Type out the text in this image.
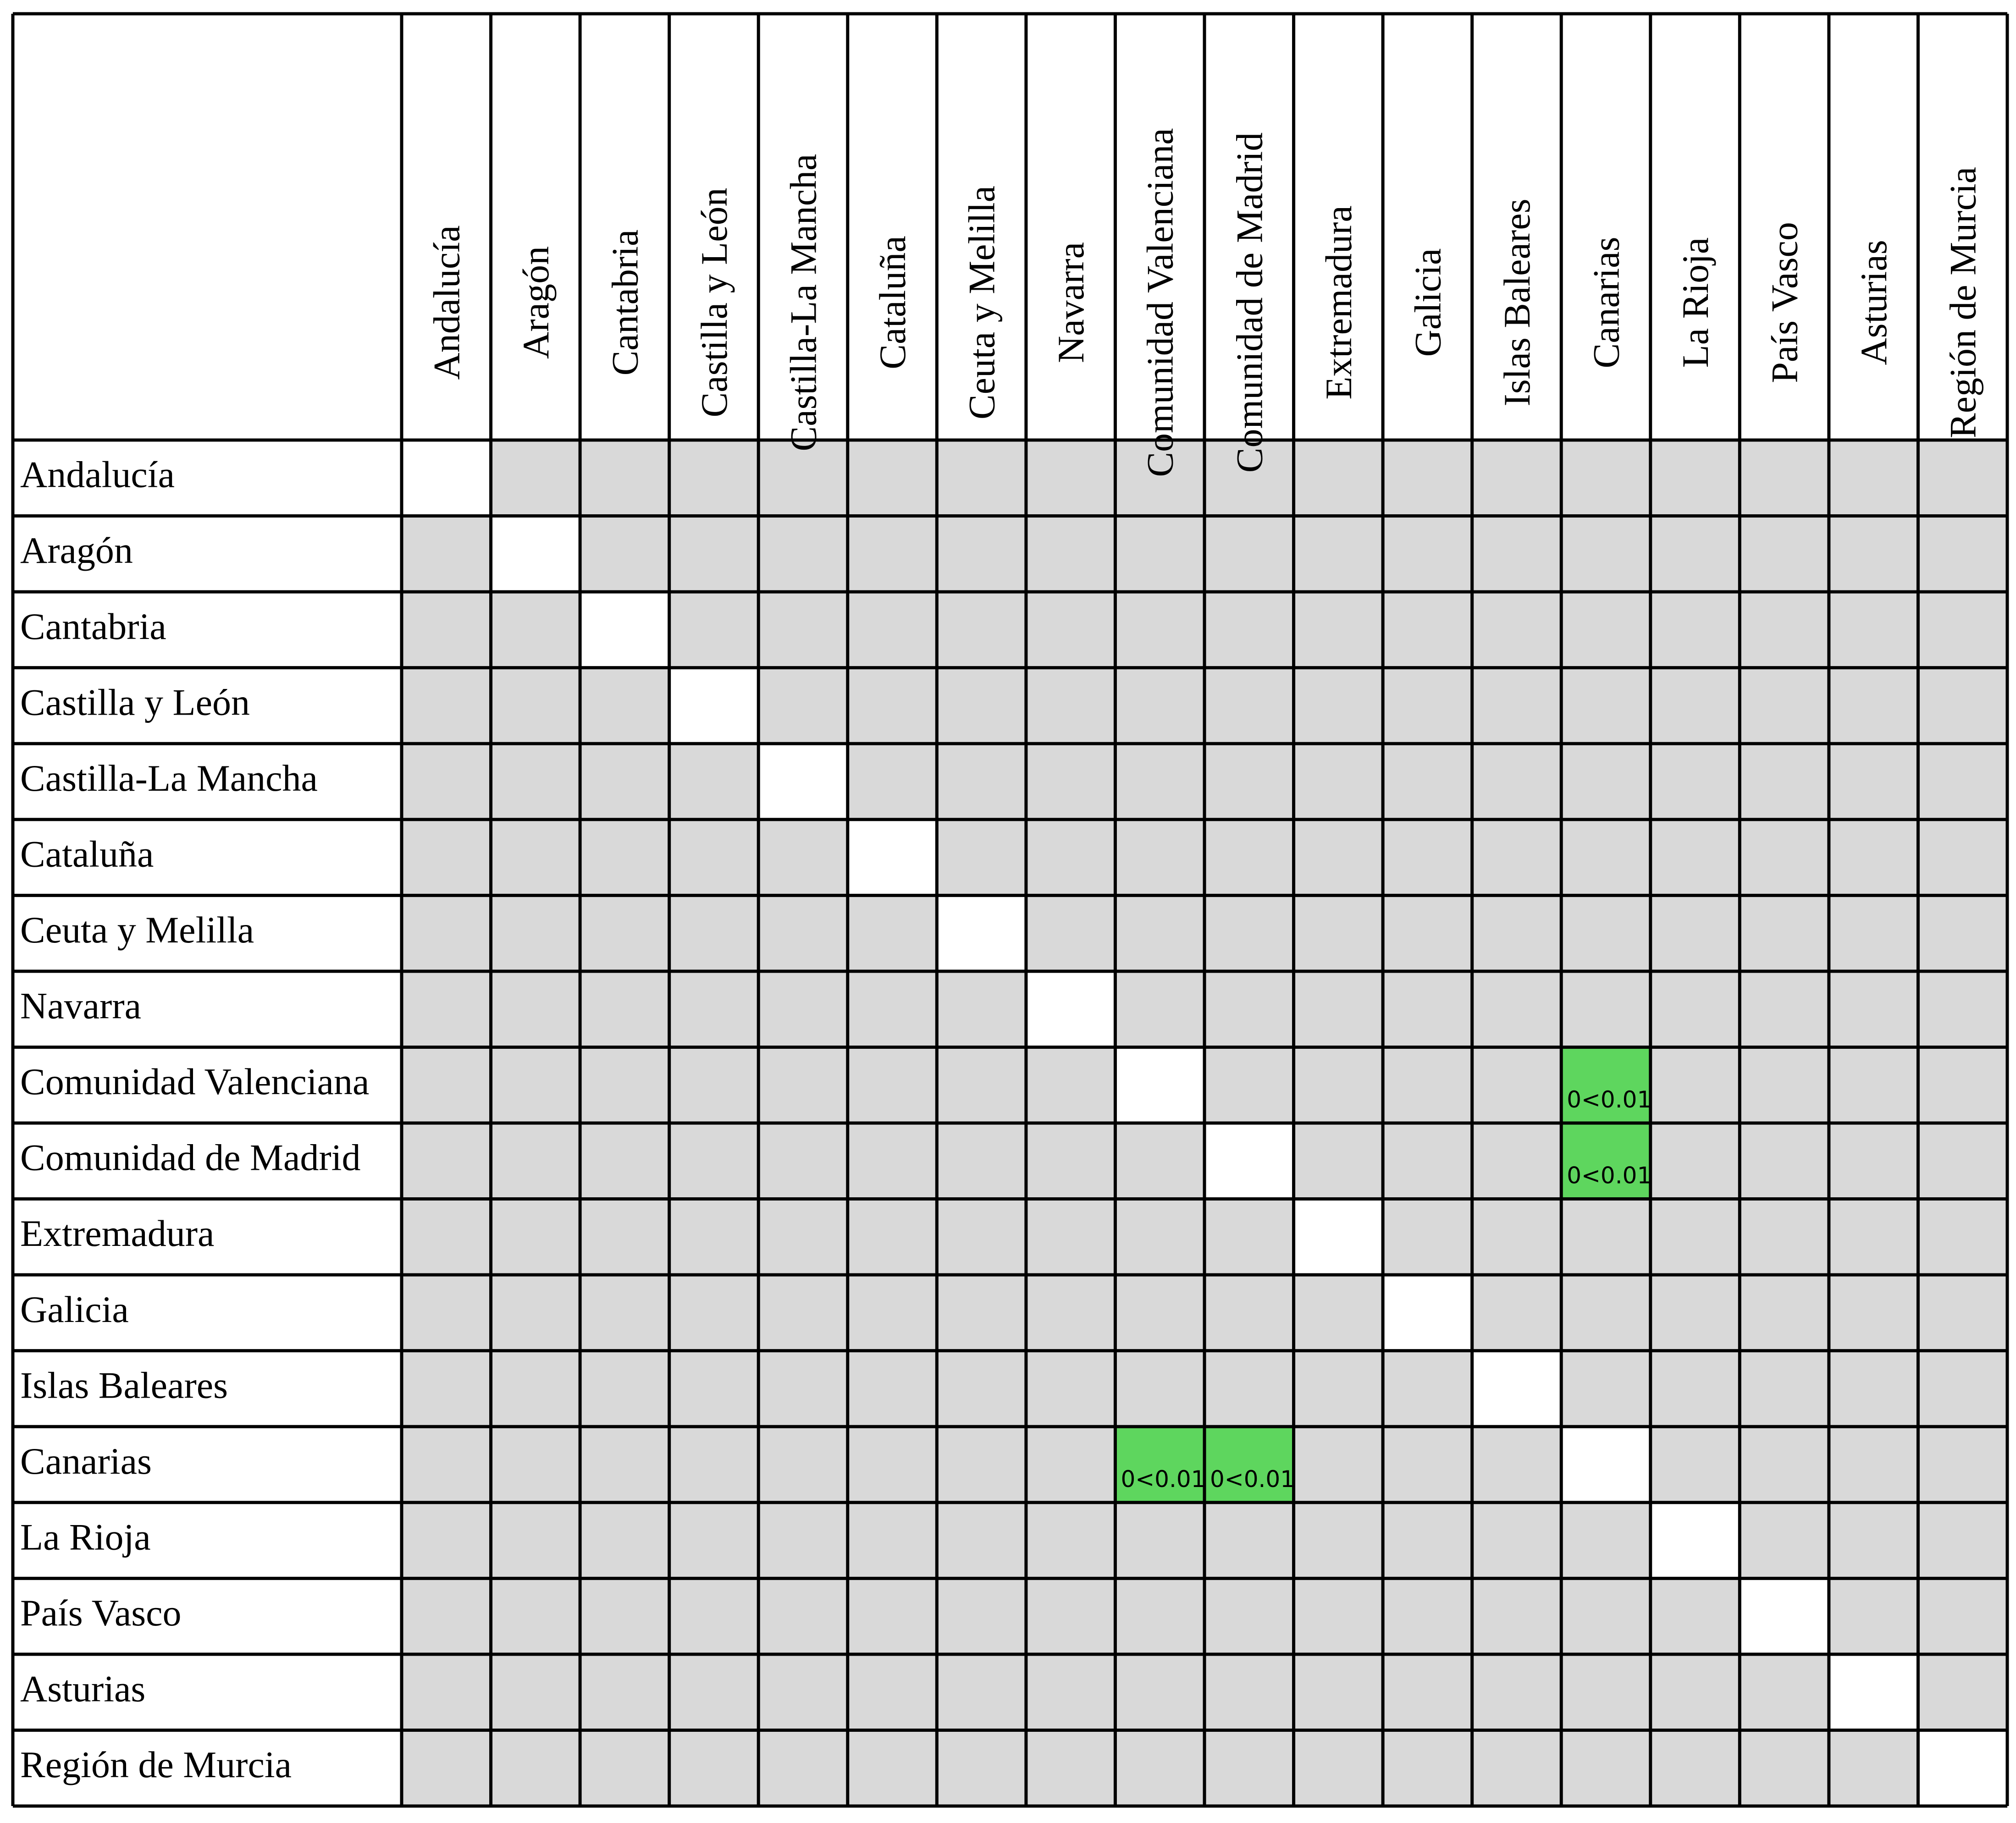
0<0.01
0<0.01
0<0.01 0<0.01
Andalucía
Aragón
Cantabria
Castilla y León
Castilla-La Mancha
Cataluña
Ceuta y Melilla
Navarra
Comunidad Valenciana
Comunidad de Madrid
Extremadura
Galicia
Islas Baleares
Canarias
La Rioja
País Vasco
Asturias
Región de Murcia
Andalucía Aragón Cantabria Castilla y León Castilla-La Mancha Cataluña Ceuta y Melilla Navarra Comunidad Valenciana Comunidad de Madrid Extremadura Galicia Islas Baleares Canarias La Rioja País Vasco Asturias Región de Murcia
